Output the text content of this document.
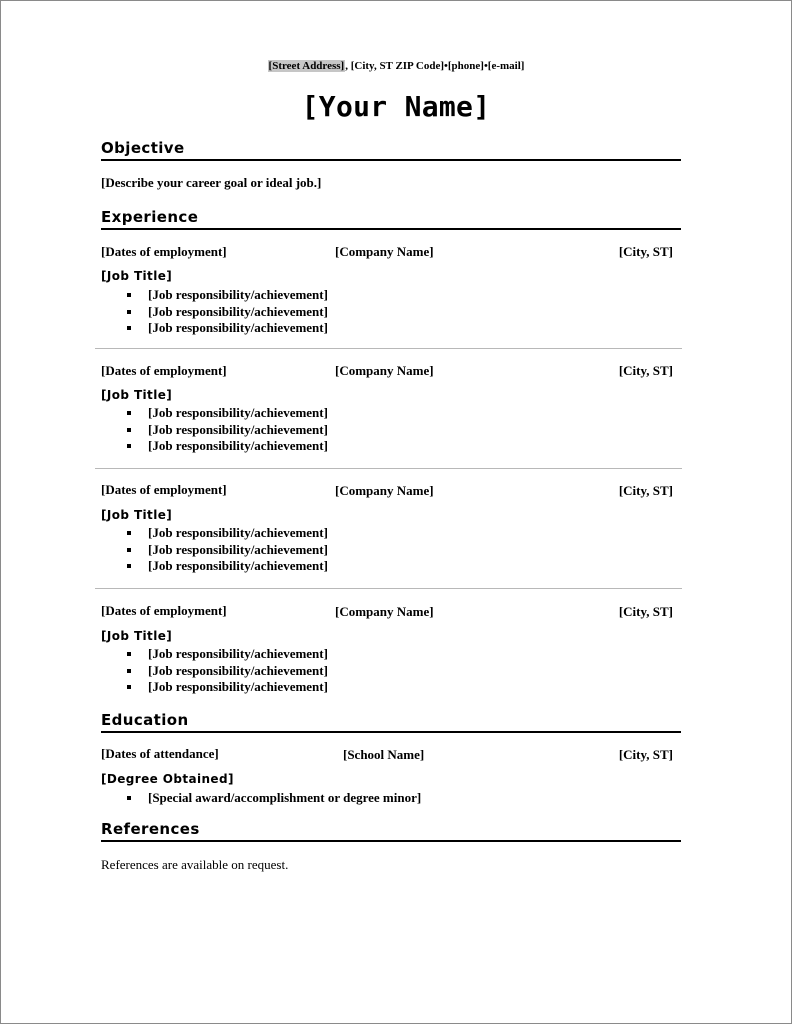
[Street Address], [City, ST ZIP Code]•[phone]•[e-mail]
[Your Name]
Objective
[Describe your career goal or ideal job.]
Experience
[Dates of employment]	[Company Name]	[City, ST]
[Job Title]
[Job responsibility/achievement]
[Job responsibility/achievement]
[Job responsibility/achievement]
[Dates of employment]	[Company Name]	[City, ST]
[Job Title]
[Job responsibility/achievement]
[Job responsibility/achievement]
[Job responsibility/achievement]
[Dates of employment]	[Company Name]	[City, ST]
[Job Title]
[Job responsibility/achievement]
[Job responsibility/achievement]
[Job responsibility/achievement]
[Dates of employment]	[Company Name]	[City, ST]
[Job Title]
[Job responsibility/achievement]
[Job responsibility/achievement]
[Job responsibility/achievement]
Education
[Dates of attendance]	[School Name]	[City, ST]
[Degree Obtained]
[Special award/accomplishment or degree minor]
References
References are available on request.
